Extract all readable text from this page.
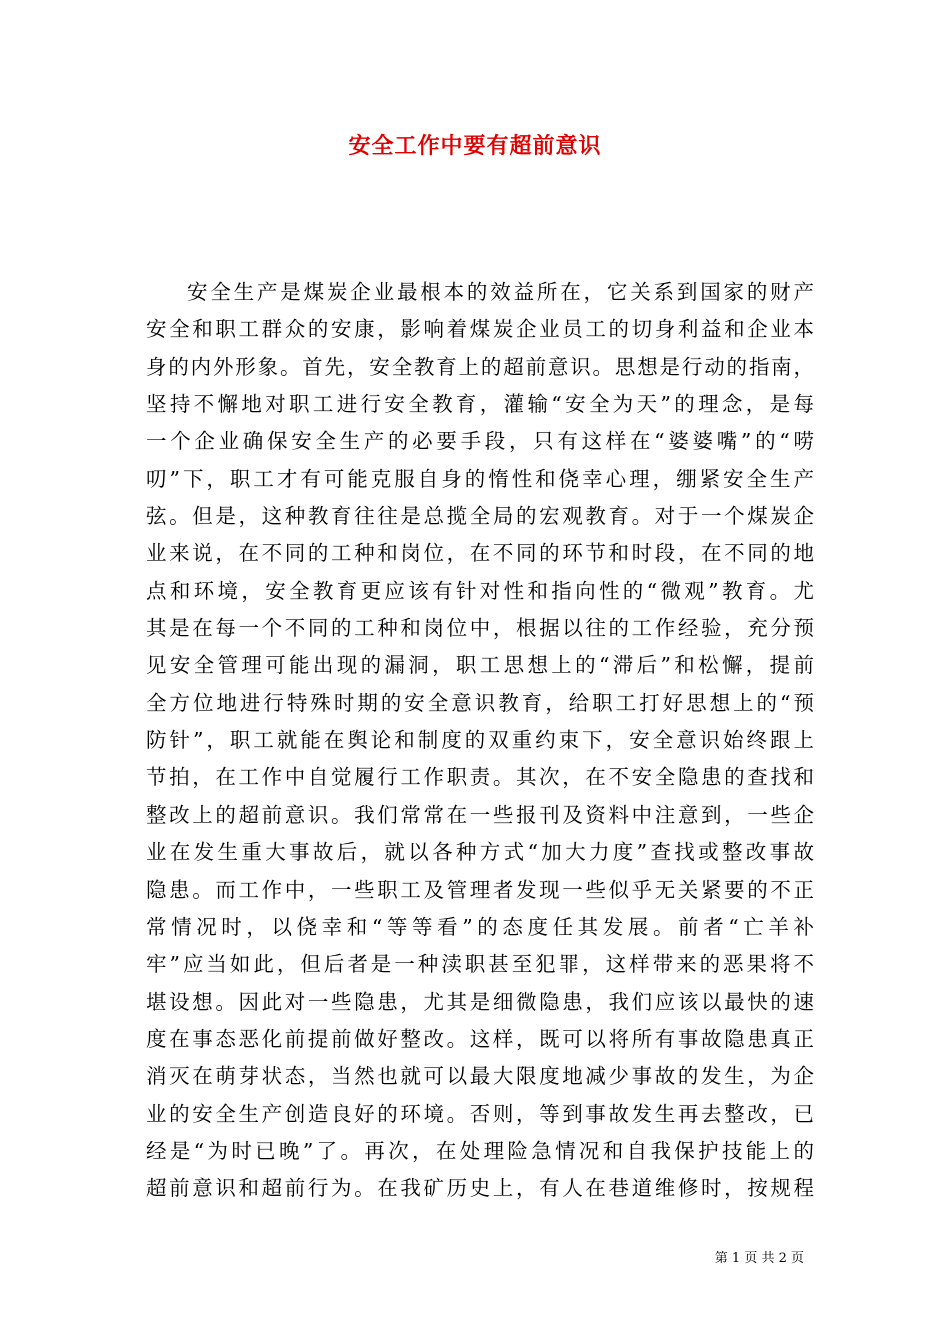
安全工作中要有超前意识
安全生产是煤炭企业最根本的效益所在，它关系到国家的财产
安全和职工群众的安康，影响着煤炭企业员工的切身利益和企业本
身的内外形象。首先，安全教育上的超前意识。思想是行动的指南，
坚持不懈地对职工进行安全教育，灌输“安全为天”的理念，是每
一个企业确保安全生产的必要手段，只有这样在“婆婆嘴”的“唠
叨”下，职工才有可能克服自身的惰性和侥幸心理，绷紧安全生产
弦。但是，这种教育往往是总揽全局的宏观教育。对于一个煤炭企
业来说，在不同的工种和岗位，在不同的环节和时段，在不同的地
点和环境，安全教育更应该有针对性和指向性的“微观”教育。尤
其是在每一个不同的工种和岗位中，根据以往的工作经验，充分预
见安全管理可能出现的漏洞，职工思想上的“滞后”和松懈，提前
全方位地进行特殊时期的安全意识教育，给职工打好思想上的“预
防针”，职工就能在舆论和制度的双重约束下，安全意识始终跟上
节拍，在工作中自觉履行工作职责。其次，在不安全隐患的查找和
整改上的超前意识。我们常常在一些报刊及资料中注意到，一些企
业在发生重大事故后，就以各种方式“加大力度”查找或整改事故
隐患。而工作中，一些职工及管理者发现一些似乎无关紧要的不正
常情况时，以侥幸和“等等看”的态度任其发展。前者“亡羊补
牢”应当如此，但后者是一种渎职甚至犯罪，这样带来的恶果将不
堪设想。因此对一些隐患，尤其是细微隐患，我们应该以最快的速
度在事态恶化前提前做好整改。这样，既可以将所有事故隐患真正
消灭在萌芽状态，当然也就可以最大限度地减少事故的发生，为企
业的安全生产创造良好的环境。否则，等到事故发生再去整改，已
经是“为时已晚”了。再次，在处理险急情况和自我保护技能上的
超前意识和超前行为。在我矿历史上，有人在巷道维修时，按规程
第 1 页 共 2 页
